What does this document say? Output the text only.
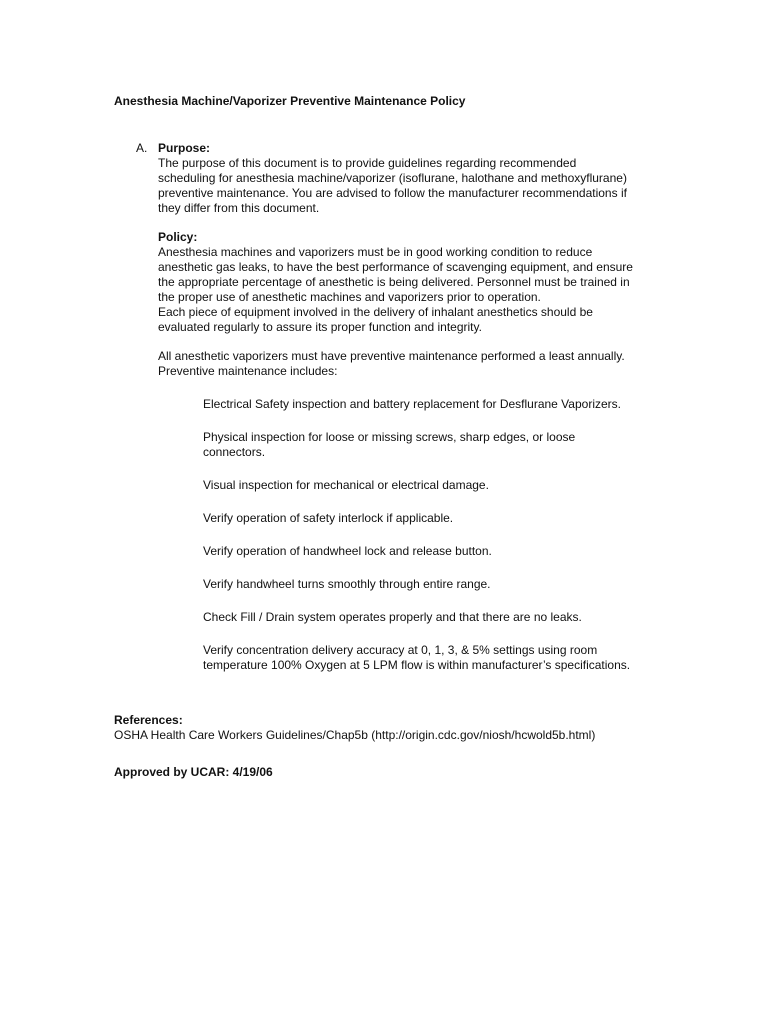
Anesthesia Machine/Vaporizer Preventive Maintenance Policy
A. Purpose:
The purpose of this document is to provide guidelines regarding recommended
scheduling for anesthesia machine/vaporizer (isoflurane, halothane and methoxyflurane)
preventive maintenance. You are advised to follow the manufacturer recommendations if
they differ from this document.
Policy:
Anesthesia machines and vaporizers must be in good working condition to reduce
anesthetic gas leaks, to have the best performance of scavenging equipment, and ensure
the appropriate percentage of anesthetic is being delivered. Personnel must be trained in
the proper use of anesthetic machines and vaporizers prior to operation.
Each piece of equipment involved in the delivery of inhalant anesthetics should be
evaluated regularly to assure its proper function and integrity.
All anesthetic vaporizers must have preventive maintenance performed a least annually.
Preventive maintenance includes:
Electrical Safety inspection and battery replacement for Desflurane Vaporizers.
Physical inspection for loose or missing screws, sharp edges, or loose
connectors.
Visual inspection for mechanical or electrical damage.
Verify operation of safety interlock if applicable.
Verify operation of handwheel lock and release button.
Verify handwheel turns smoothly through entire range.
Check Fill / Drain system operates properly and that there are no leaks.
Verify concentration delivery accuracy at 0, 1, 3, & 5% settings using room
temperature 100% Oxygen at 5 LPM flow is within manufacturer’s specifications.
References:
OSHA Health Care Workers Guidelines/Chap5b (http://origin.cdc.gov/niosh/hcwold5b.html)
Approved by UCAR: 4/19/06
